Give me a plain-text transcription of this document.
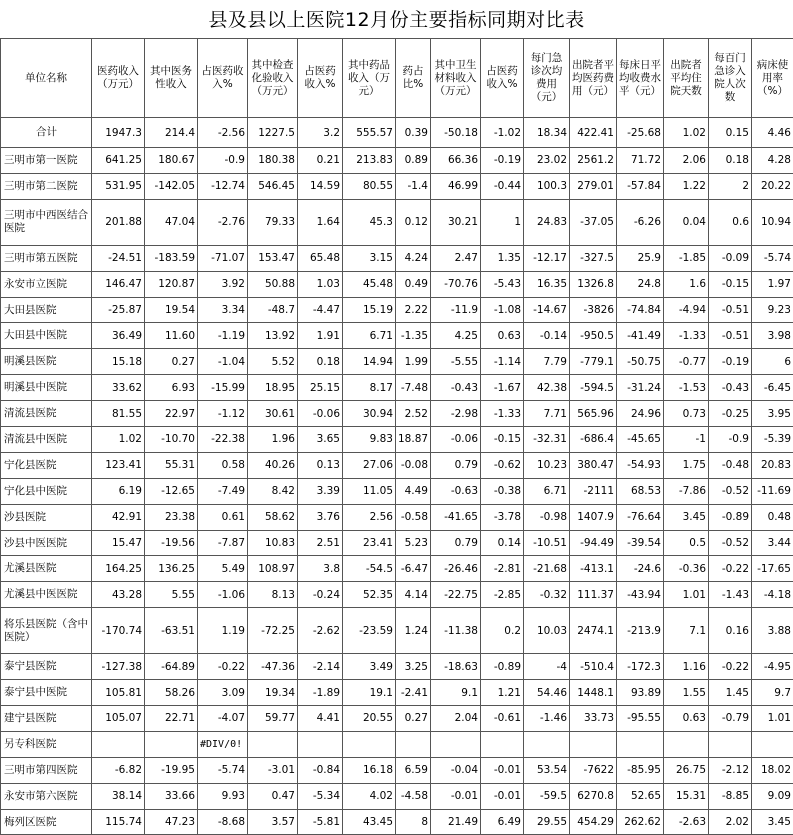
县及县以上医院12月份主要指标同期对比表
单位名称	医药收入（万元）	其中医务性收入	占医药收入%	其中检查化验收入（万元）	占医药收入%	其中药品收入（万元）	药占比%	其中卫生材料收入（万元）	占医药收入%	每门急诊次均费用（元）	出院者平均医药费用（元）	每床日平均收费水平（元）	出院者平均住院天数	每百门急诊入院人次数	病床使用率（%）
合计	1947.3	214.4	-2.56	1227.5	3.2	555.57	0.39	-50.18	-1.02	18.34	422.41	-25.68	1.02	0.15	4.46
三明市第一医院	641.25	180.67	-0.9	180.38	0.21	213.83	0.89	66.36	-0.19	23.02	2561.2	71.72	2.06	0.18	4.28
三明市第二医院	531.95	-142.05	-12.74	546.45	14.59	80.55	-1.4	46.99	-0.44	100.3	279.01	-57.84	1.22	2	20.22
三明市中西医结合医院	201.88	47.04	-2.76	79.33	1.64	45.3	0.12	30.21	1	24.83	-37.05	-6.26	0.04	0.6	10.94
三明市第五医院	-24.51	-183.59	-71.07	153.47	65.48	3.15	4.24	2.47	1.35	-12.17	-327.5	25.9	-1.85	-0.09	-5.74
永安市立医院	146.47	120.87	3.92	50.88	1.03	45.48	0.49	-70.76	-5.43	16.35	1326.8	24.8	1.6	-0.15	1.97
大田县医院	-25.87	19.54	3.34	-48.7	-4.47	15.19	2.22	-11.9	-1.08	-14.67	-3826	-74.84	-4.94	-0.51	9.23
大田县中医院	36.49	11.60	-1.19	13.92	1.91	6.71	-1.35	4.25	0.63	-0.14	-950.5	-41.49	-1.33	-0.51	3.98
明溪县医院	15.18	0.27	-1.04	5.52	0.18	14.94	1.99	-5.55	-1.14	7.79	-779.1	-50.75	-0.77	-0.19	6
明溪县中医院	33.62	6.93	-15.99	18.95	25.15	8.17	-7.48	-0.43	-1.67	42.38	-594.5	-31.24	-1.53	-0.43	-6.45
清流县医院	81.55	22.97	-1.12	30.61	-0.06	30.94	2.52	-2.98	-1.33	7.71	565.96	24.96	0.73	-0.25	3.95
清流县中医院	1.02	-10.70	-22.38	1.96	3.65	9.83	18.87	-0.06	-0.15	-32.31	-686.4	-45.65	-1	-0.9	-5.39
宁化县医院	123.41	55.31	0.58	40.26	0.13	27.06	-0.08	0.79	-0.62	10.23	380.47	-54.93	1.75	-0.48	20.83
宁化县中医院	6.19	-12.65	-7.49	8.42	3.39	11.05	4.49	-0.63	-0.38	6.71	-2111	68.53	-7.86	-0.52	-11.69
沙县医院	42.91	23.38	0.61	58.62	3.76	2.56	-0.58	-41.65	-3.78	-0.98	1407.9	-76.64	3.45	-0.89	0.48
沙县中医医院	15.47	-19.56	-7.87	10.83	2.51	23.41	5.23	0.79	0.14	-10.51	-94.49	-39.54	0.5	-0.52	3.44
尤溪县医院	164.25	136.25	5.49	108.97	3.8	-54.5	-6.47	-26.46	-2.81	-21.68	-413.1	-24.6	-0.36	-0.22	-17.65
尤溪县中医医院	43.28	5.55	-1.06	8.13	-0.24	52.35	4.14	-22.75	-2.85	-0.32	111.37	-43.94	1.01	-1.43	-4.18
将乐县医院（含中医院）	-170.74	-63.51	1.19	-72.25	-2.62	-23.59	1.24	-11.38	0.2	10.03	2474.1	-213.9	7.1	0.16	3.88
泰宁县医院	-127.38	-64.89	-0.22	-47.36	-2.14	3.49	3.25	-18.63	-0.89	-4	-510.4	-172.3	1.16	-0.22	-4.95
泰宁县中医院	105.81	58.26	3.09	19.34	-1.89	19.1	-2.41	9.1	1.21	54.46	1448.1	93.89	1.55	1.45	9.7
建宁县医院	105.07	22.71	-4.07	59.77	4.41	20.55	0.27	2.04	-0.61	-1.46	33.73	-95.55	0.63	-0.79	1.01
另专科医院			#DIV/0!												
三明市第四医院	-6.82	-19.95	-5.74	-3.01	-0.84	16.18	6.59	-0.04	-0.01	53.54	-7622	-85.95	26.75	-2.12	18.02
永安市第六医院	38.14	33.66	9.93	0.47	-5.34	4.02	-4.58	-0.01	-0.01	-59.5	6270.8	52.65	15.31	-8.85	9.09
梅列区医院	115.74	47.23	-8.68	3.57	-5.81	43.45	8	21.49	6.49	29.55	454.29	262.62	-2.63	2.02	3.45
